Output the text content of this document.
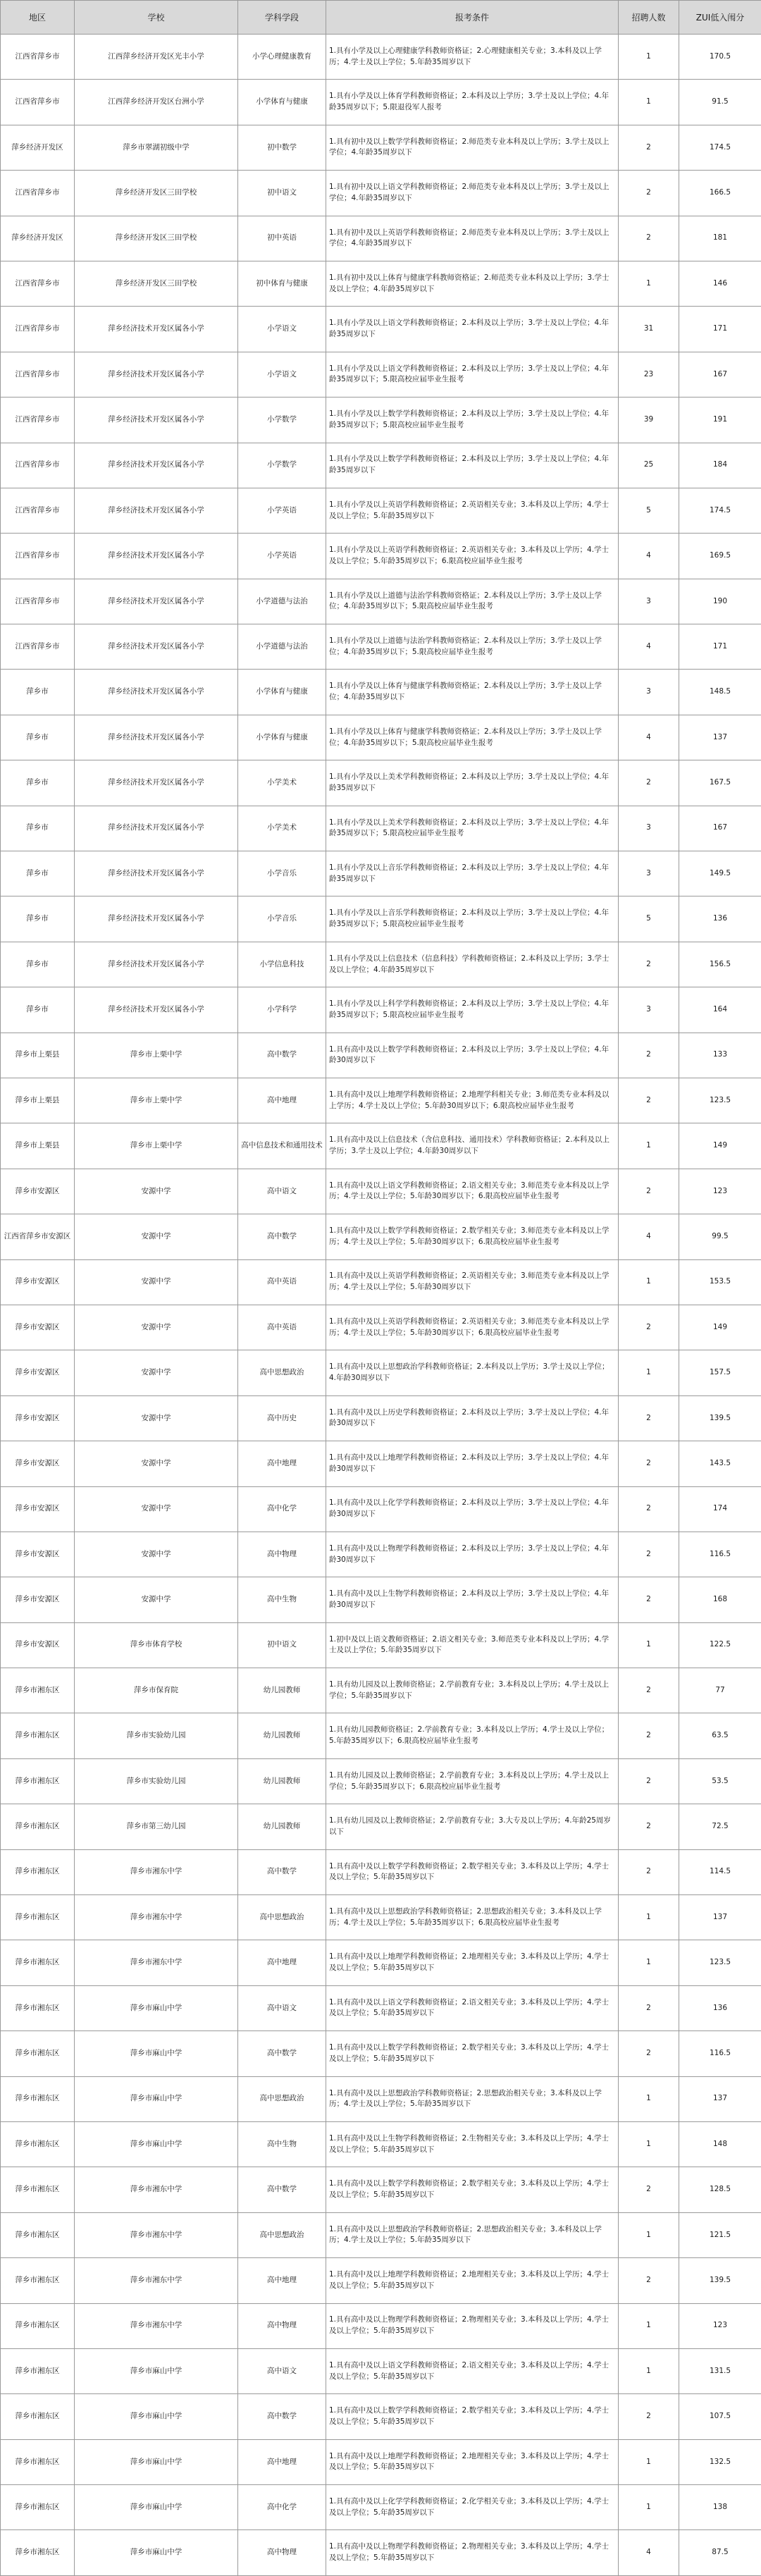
地区	学校	学科学段	报考条件	招聘人数	ZUI低入闱分
江西省萍乡市	江西萍乡经济开发区光丰小学	小学心理健康教育	1.具有小学及以上心理健康学科教师资格证；2.心理健康相关专业；3.本科及以上学历；4.学士及以上学位；5.年龄35周岁以下	1	170.5
江西省萍乡市	江西萍乡经济开发区台洲小学	小学体育与健康	1.具有小学及以上体育学科教师资格证；2.本科及以上学历；3.学士及以上学位；4.年龄35周岁以下；5.限退役军人报考	1	91.5
萍乡经济开发区	萍乡市翠湖初级中学	初中数学	1.具有初中及以上数学学科教师资格证；2.师范类专业本科及以上学历；3.学士及以上学位；4.年龄35周岁以下	2	174.5
江西省萍乡市	萍乡经济开发区三田学校	初中语文	1.具有初中及以上语文学科教师资格证；2.师范类专业本科及以上学历；3.学士及以上学位；4.年龄35周岁以下	2	166.5
萍乡经济开发区	萍乡经济开发区三田学校	初中英语	1.具有初中及以上英语学科教师资格证；2.师范类专业本科及以上学历；3.学士及以上学位；4.年龄35周岁以下	2	181
江西省萍乡市	萍乡经济开发区三田学校	初中体育与健康	1.具有初中及以上体育与健康学科教师资格证；2.师范类专业本科及以上学历；3.学士及以上学位；4.年龄35周岁以下	1	146
江西省萍乡市	萍乡经济技术开发区属各小学	小学语文	1.具有小学及以上语文学科教师资格证；2.本科及以上学历；3.学士及以上学位；4.年龄35周岁以下	31	171
江西省萍乡市	萍乡经济技术开发区属各小学	小学语文	1.具有小学及以上语文学科教师资格证；2.本科及以上学历；3.学士及以上学位；4.年龄35周岁以下；5.限高校应届毕业生报考	23	167
江西省萍乡市	萍乡经济技术开发区属各小学	小学数学	1.具有小学及以上数学学科教师资格证；2.本科及以上学历；3.学士及以上学位；4.年龄35周岁以下；5.限高校应届毕业生报考	39	191
江西省萍乡市	萍乡经济技术开发区属各小学	小学数学	1.具有小学及以上数学学科教师资格证；2.本科及以上学历；3.学士及以上学位；4.年龄35周岁以下	25	184
江西省萍乡市	萍乡经济技术开发区属各小学	小学英语	1.具有小学及以上英语学科教师资格证；2.英语相关专业；3.本科及以上学历；4.学士及以上学位；5.年龄35周岁以下	5	174.5
江西省萍乡市	萍乡经济技术开发区属各小学	小学英语	1.具有小学及以上英语学科教师资格证；2.英语相关专业；3.本科及以上学历；4.学士及以上学位；5.年龄35周岁以下；6.限高校应届毕业生报考	4	169.5
江西省萍乡市	萍乡经济技术开发区属各小学	小学道德与法治	1.具有小学及以上道德与法治学科教师资格证；2.本科及以上学历；3.学士及以上学位；4.年龄35周岁以下；5.限高校应届毕业生报考	3	190
江西省萍乡市	萍乡经济技术开发区属各小学	小学道德与法治	1.具有小学及以上道德与法治学科教师资格证；2.本科及以上学历；3.学士及以上学位；4.年龄35周岁以下；5.限高校应届毕业生报考	4	171
萍乡市	萍乡经济技术开发区属各小学	小学体育与健康	1.具有小学及以上体育与健康学科教师资格证；2.本科及以上学历；3.学士及以上学位；4.年龄35周岁以下	3	148.5
萍乡市	萍乡经济技术开发区属各小学	小学体育与健康	1.具有小学及以上体育与健康学科教师资格证；2.本科及以上学历；3.学士及以上学位；4.年龄35周岁以下；5.限高校应届毕业生报考	4	137
萍乡市	萍乡经济技术开发区属各小学	小学美术	1.具有小学及以上美术学科教师资格证；2.本科及以上学历；3.学士及以上学位；4.年龄35周岁以下	2	167.5
萍乡市	萍乡经济技术开发区属各小学	小学美术	1.具有小学及以上美术学科教师资格证；2.本科及以上学历；3.学士及以上学位；4.年龄35周岁以下；5.限高校应届毕业生报考	3	167
萍乡市	萍乡经济技术开发区属各小学	小学音乐	1.具有小学及以上音乐学科教师资格证；2.本科及以上学历；3.学士及以上学位；4.年龄35周岁以下	3	149.5
萍乡市	萍乡经济技术开发区属各小学	小学音乐	1.具有小学及以上音乐学科教师资格证；2.本科及以上学历；3.学士及以上学位；4.年龄35周岁以下；5.限高校应届毕业生报考	5	136
萍乡市	萍乡经济技术开发区属各小学	小学信息科技	1.具有小学及以上信息技术（信息科技）学科教师资格证；2.本科及以上学历；3.学士及以上学位；4.年龄35周岁以下	2	156.5
萍乡市	萍乡经济技术开发区属各小学	小学科学	1.具有小学及以上科学学科教师资格证；2.本科及以上学历；3.学士及以上学位；4.年龄35周岁以下；5.限高校应届毕业生报考	3	164
萍乡市上栗县	萍乡市上栗中学	高中数学	1.具有高中及以上数学学科教师资格证；2.本科及以上学历；3.学士及以上学位；4.年龄30周岁以下	2	133
萍乡市上栗县	萍乡市上栗中学	高中地理	1.具有高中及以上地理学科教师资格证；2.地理学科相关专业；3.师范类专业本科及以上学历；4.学士及以上学位；5.年龄30周岁以下；6.限高校应届毕业生报考	2	123.5
萍乡市上栗县	萍乡市上栗中学	高中信息技术和通用技术	1.具有高中及以上信息技术（含信息科技、通用技术）学科教师资格证；2.本科及以上学历；3.学士及以上学位；4.年龄30周岁以下	1	149
萍乡市安源区	安源中学	高中语文	1.具有高中及以上语文学科教师资格证；2.语文相关专业；3.师范类专业本科及以上学历；4.学士及以上学位；5.年龄30周岁以下；6.限高校应届毕业生报考	2	123
江西省萍乡市安源区	安源中学	高中数学	1.具有高中及以上数学学科教师资格证；2.数学相关专业；3.师范类专业本科及以上学历；4.学士及以上学位；5.年龄30周岁以下；6.限高校应届毕业生报考	4	99.5
萍乡市安源区	安源中学	高中英语	1.具有高中及以上英语学科教师资格证；2.英语相关专业；3.师范类专业本科及以上学历；4.学士及以上学位；5.年龄30周岁以下	1	153.5
萍乡市安源区	安源中学	高中英语	1.具有高中及以上英语学科教师资格证；2.英语相关专业；3.师范类专业本科及以上学历；4.学士及以上学位；5.年龄30周岁以下；6.限高校应届毕业生报考	2	149
萍乡市安源区	安源中学	高中思想政治	1.具有高中及以上思想政治学科教师资格证；2.本科及以上学历；3.学士及以上学位；4.年龄30周岁以下	1	157.5
萍乡市安源区	安源中学	高中历史	1.具有高中及以上历史学科教师资格证；2.本科及以上学历；3.学士及以上学位；4.年龄30周岁以下	2	139.5
萍乡市安源区	安源中学	高中地理	1.具有高中及以上地理学科教师资格证；2.本科及以上学历；3.学士及以上学位；4.年龄30周岁以下	2	143.5
萍乡市安源区	安源中学	高中化学	1.具有高中及以上化学学科教师资格证；2.本科及以上学历；3.学士及以上学位；4.年龄30周岁以下	2	174
萍乡市安源区	安源中学	高中物理	1.具有高中及以上物理学科教师资格证；2.本科及以上学历；3.学士及以上学位；4.年龄30周岁以下	2	116.5
萍乡市安源区	安源中学	高中生物	1.具有高中及以上生物学科教师资格证；2.本科及以上学历；3.学士及以上学位；4.年龄30周岁以下	2	168
萍乡市安源区	萍乡市体育学校	初中语文	1.初中及以上语文教师资格证；2.语文相关专业；3.师范类专业本科及以上学历；4.学士及以上学位；5.年龄35周岁以下	1	122.5
萍乡市湘东区	萍乡市保育院	幼儿园教师	1.具有幼儿园及以上教师资格证；2.学前教育专业；3.本科及以上学历；4.学士及以上学位；5.年龄35周岁以下	2	77
萍乡市湘东区	萍乡市实验幼儿园	幼儿园教师	1.具有幼儿园教师资格证；2.学前教育专业；3.本科及以上学历；4.学士及以上学位；5.年龄35周岁以下；6.限高校应届毕业生报考	2	63.5
萍乡市湘东区	萍乡市实验幼儿园	幼儿园教师	1.具有幼儿园及以上教师资格证；2.学前教育专业；3.本科及以上学历；4.学士及以上学位；5.年龄35周岁以下；6.限高校应届毕业生报考	2	53.5
萍乡市湘东区	萍乡市第三幼儿园	幼儿园教师	1.具有幼儿园及以上教师资格证；2.学前教育专业；3.大专及以上学历；4.年龄25周岁以下	2	72.5
萍乡市湘东区	萍乡市湘东中学	高中数学	1.具有高中及以上数学学科教师资格证；2.数学相关专业；3.本科及以上学历；4.学士及以上学位；5.年龄35周岁以下	2	114.5
萍乡市湘东区	萍乡市湘东中学	高中思想政治	1.具有高中及以上思想政治学科教师资格证；2.思想政治相关专业；3.本科及以上学历；4.学士及以上学位；5.年龄35周岁以下；6.限高校应届毕业生报考	1	137
萍乡市湘东区	萍乡市湘东中学	高中地理	1.具有高中及以上地理学科教师资格证；2.地理相关专业；3.本科及以上学历；4.学士及以上学位；5.年龄35周岁以下	1	123.5
萍乡市湘东区	萍乡市麻山中学	高中语文	1.具有高中及以上语文学科教师资格证；2.语文相关专业；3.本科及以上学历；4.学士及以上学位；5.年龄35周岁以下	2	136
萍乡市湘东区	萍乡市麻山中学	高中数学	1.具有高中及以上数学学科教师资格证；2.数学相关专业；3.本科及以上学历；4.学士及以上学位；5.年龄35周岁以下	2	116.5
萍乡市湘东区	萍乡市麻山中学	高中思想政治	1.具有高中及以上思想政治学科教师资格证；2.思想政治相关专业；3.本科及以上学历；4.学士及以上学位；5.年龄35周岁以下	1	137
萍乡市湘东区	萍乡市麻山中学	高中生物	1.具有高中及以上生物学科教师资格证；2.生物相关专业；3.本科及以上学历；4.学士及以上学位；5.年龄35周岁以下	1	148
萍乡市湘东区	萍乡市湘东中学	高中数学	1.具有高中及以上数学学科教师资格证；2.数学相关专业；3.本科及以上学历；4.学士及以上学位；5.年龄35周岁以下	2	128.5
萍乡市湘东区	萍乡市湘东中学	高中思想政治	1.具有高中及以上思想政治学科教师资格证；2.思想政治相关专业；3.本科及以上学历；4.学士及以上学位；5.年龄35周岁以下	1	121.5
萍乡市湘东区	萍乡市湘东中学	高中地理	1.具有高中及以上地理学科教师资格证；2.地理相关专业；3.本科及以上学历；4.学士及以上学位；5.年龄35周岁以下	2	139.5
萍乡市湘东区	萍乡市湘东中学	高中物理	1.具有高中及以上物理学科教师资格证；2.物理相关专业；3.本科及以上学历；4.学士及以上学位；5.年龄35周岁以下	1	123
萍乡市湘东区	萍乡市麻山中学	高中语文	1.具有高中及以上语文学科教师资格证；2.语文相关专业；3.本科及以上学历；4.学士及以上学位；5.年龄35周岁以下	1	131.5
萍乡市湘东区	萍乡市麻山中学	高中数学	1.具有高中及以上数学学科教师资格证；2.数学相关专业；3.本科及以上学历；4.学士及以上学位；5.年龄35周岁以下	2	107.5
萍乡市湘东区	萍乡市麻山中学	高中地理	1.具有高中及以上地理学科教师资格证；2.地理相关专业；3.本科及以上学历；4.学士及以上学位；5.年龄35周岁以下	1	132.5
萍乡市湘东区	萍乡市麻山中学	高中化学	1.具有高中及以上化学学科教师资格证；2.化学相关专业；3.本科及以上学历；4.学士及以上学位；5.年龄35周岁以下	1	138
萍乡市湘东区	萍乡市麻山中学	高中物理	1.具有高中及以上物理学科教师资格证；2.物理相关专业；3.本科及以上学历；4.学士及以上学位；5.年龄35周岁以下	4	87.5
